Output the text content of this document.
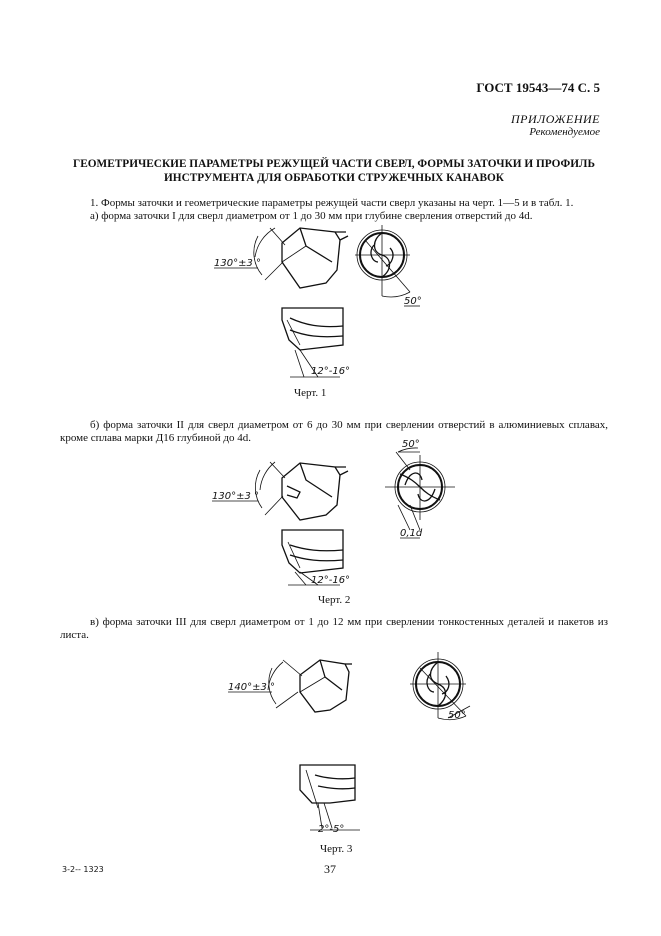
ГОСТ 19543—74 С. 5
ПРИЛОЖЕНИЕ
Рекомендуемое
ГЕОМЕТРИЧЕСКИЕ ПАРАМЕТРЫ РЕЖУЩЕЙ ЧАСТИ СВЕРЛ, ФОРМЫ ЗАТОЧКИ И ПРОФИЛЬ
ИНСТРУМЕНТА ДЛЯ ОБРАБОТКИ СТРУЖЕЧНЫХ КАНАВОК
1. Формы заточки и геометрические параметры режущей части сверл указаны на черт. 1—5 и в табл. 1.
а) форма заточки I для сверл диаметром от 1 до 30 мм при глубине сверления отверстий до 4d.
б) форма заточки II для сверл диаметром от 6 до 30 мм при сверлении отверстий в алюминиевых сплавах, кроме сплава марки Д16 глубиной до 4d.
в) форма заточки III для сверл диаметром от 1 до 12 мм при сверлении тонкостенных деталей и пакетов из листа.
130°±3 °
50°
12°-16°
Черт. 1
130°±3 °
50°
0,1d
12°-16°
Черт. 2
140°±3 °
50°
2°-5°
Черт. 3
3-2-- 1323	37
